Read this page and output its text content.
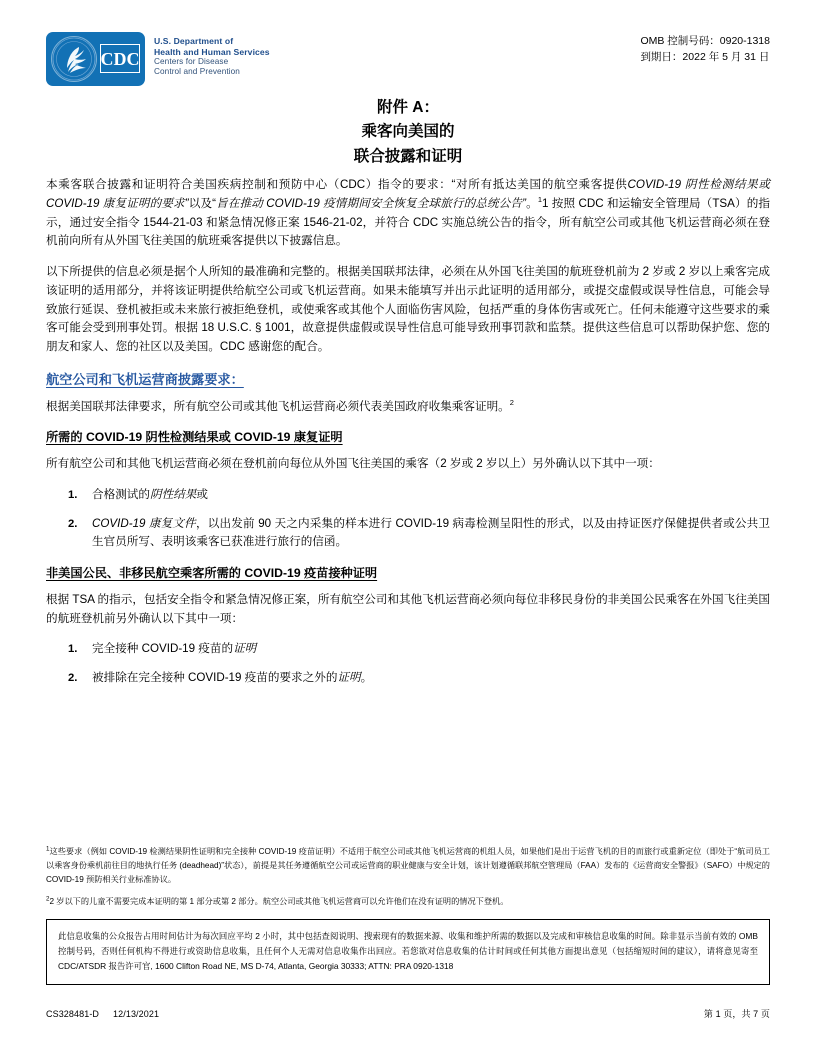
CDC
U.S. Department of
Health and Human Services
Centers for Disease
Control and Prevention
OMB 控制号码：0920-1318
到期日：2022 年 5 月 31 日
附件 A：
乘客向美国的
联合披露和证明

本乘客联合披露和证明符合美国疾病控制和预防中心（CDC）指令的要求：“对所有抵达美国的航空乘客提供COVID-19 阴性检测结果或 COVID-19 康复证明的要求”以及“旨在推动 COVID-19 疫情期间安全恢复全球旅行的总统公告”。$^1$1 按照 CDC 和运输安全管理局（TSA）的指示，通过安全指令 1544-21-03 和紧急情况修正案 1546-21-02，并符合 CDC 实施总统公告的指令，所有航空公司或其他飞机运营商必须在登机前向所有从外国飞往美国的航班乘客提供以下披露信息。

以下所提供的信息必须是据个人所知的最准确和完整的。根据美国联邦法律，必须在从外国飞往美国的航班登机前为 2 岁或 2 岁以上乘客完成该证明的适用部分，并将该证明提供给航空公司或飞机运营商。如果未能填写并出示此证明的适用部分，或提交虚假或误导性信息，可能会导致旅行延误、登机被拒或未来旅行被拒绝登机，或使乘客或其他个人面临伤害风险，包括严重的身体伤害或死亡。任何未能遵守这些要求的乘客可能会受到刑事处罚。根据 18 U.S.C. § 1001，故意提供虚假或误导性信息可能导致刑事罚款和监禁。提供这些信息可以帮助保护您、您的朋友和家人、您的社区以及美国。CDC 感谢您的配合。

航空公司和飞机运营商披露要求：

根据美国联邦法律要求，所有航空公司或其他飞机运营商必须代表美国政府收集乘客证明。$^2$

所需的 COVID-19 阴性检测结果或 COVID-19 康复证明

所有航空公司和其他飞机运营商必须在登机前向每位从外国飞往美国的乘客（2 岁或 2 岁以上）另外确认以下其中一项：

合格测试的阴性结果或
COVID-19 康复文件，以出发前 90 天之内采集的样本进行 COVID-19 病毒检测呈阳性的形式，以及由持证医疗保健提供者或公共卫生官员所写、表明该乘客已获准进行旅行的信函。
非美国公民、非移民航空乘客所需的 COVID-19 疫苗接种证明

根据 TSA 的指示，包括安全指令和紧急情况修正案，所有航空公司和其他飞机运营商必须向每位非移民身份的非美国公民乘客在外国飞往美国的航班登机前另外确认以下其中一项：

完全接种 COVID-19 疫苗的证明
被排除在完全接种 COVID-19 疫苗的要求之外的证明。

$^1$这些要求（例如 COVID-19 检测结果阴性证明和完全接种 COVID-19 疫苗证明）不适用于航空公司或其他飞机运营商的机组人员，如果他们是出于运营飞机的目的而旅行或重新定位（即处于“航司员工以乘客身份乘机前往目的地执行任务 (deadhead)”状态），前提是其任务遵循航空公司或运营商的职业健康与安全计划，该计划遵循联邦航空管理局（FAA）发布的《运营商安全警报》（SAFO）中规定的 COVID-19 预防相关行业标准协议。

$^2$2 岁以下的儿童不需要完成本证明的第 1 部分或第 2 部分。航空公司或其他飞机运营商可以允许他们在没有证明的情况下登机。

此信息收集的公众报告占用时间估计为每次回应平均 2 小时，其中包括查阅说明、搜索现有的数据来源、收集和维护所需的数据以及完成和审核信息收集的时间。除非显示当前有效的 OMB 控制号码，否则任何机构不得进行或资助信息收集，且任何个人无需对信息收集作出回应。若您欲对信息收集的估计时间或任何其他方面提出意见（包括缩短时间的建议），请将意见寄至 CDC/ATSDR 报告许可官, 1600 Clifton Road NE, MS D-74, Atlanta, Georgia 30333; ATTN: PRA 0920-1318

CS328481-D 12/13/2021	第 1 页，共 7 页
